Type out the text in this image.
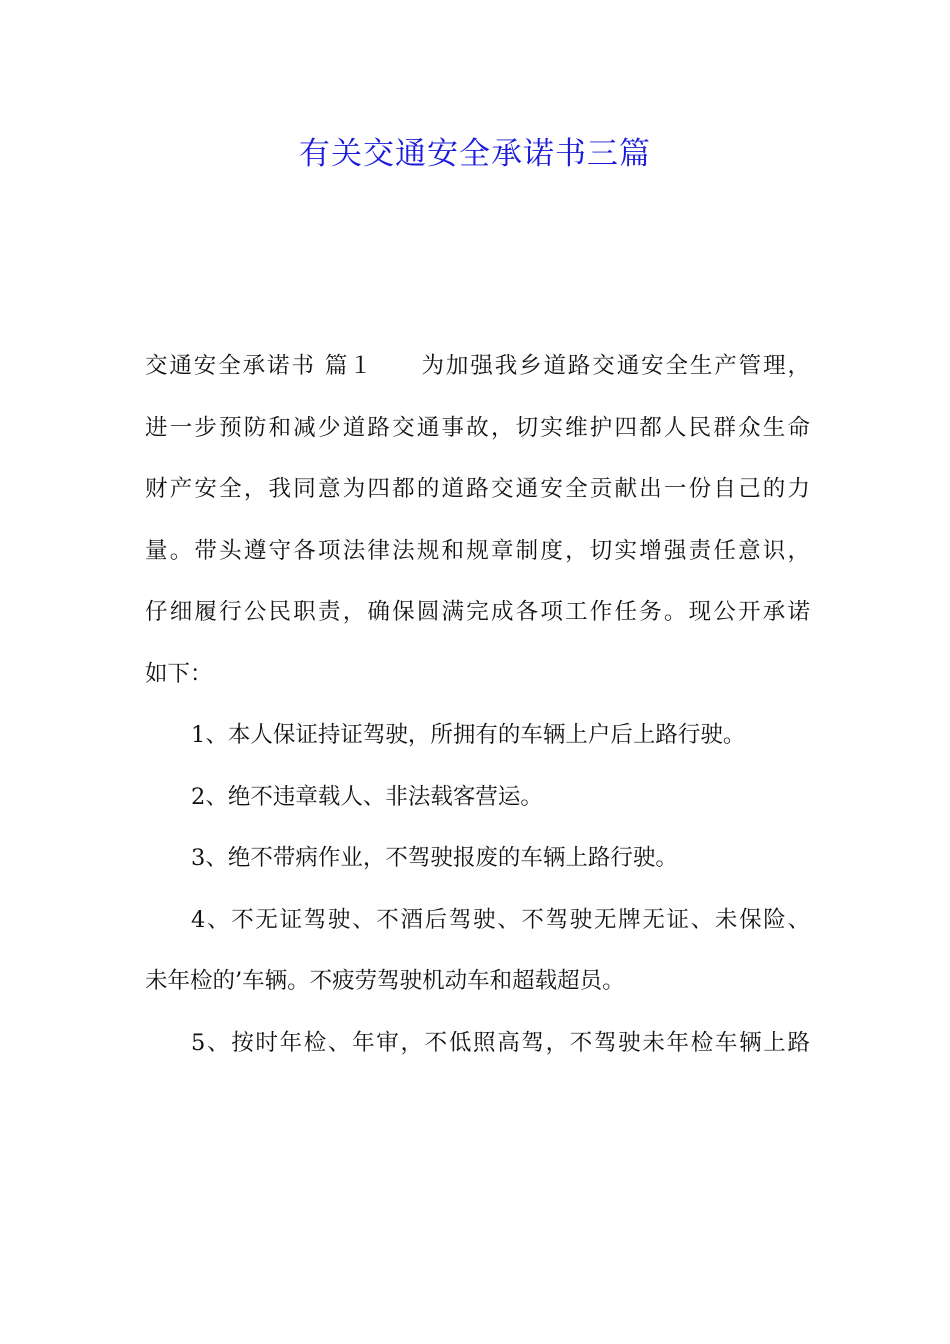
有关交通安全承诺书三篇
交通安全承诺书 篇１ 为加强我乡道路交通安全生产管理，
进一步预防和减少道路交通事故，切实维护四都人民群众生命
财产安全，我同意为四都的道路交通安全贡献出一份自己的力
量。带头遵守各项法律法规和规章制度，切实增强责任意识，
仔细履行公民职责，确保圆满完成各项工作任务。现公开承诺
如下：
1、本人保证持证驾驶，所拥有的车辆上户后上路行驶。
2、绝不违章载人、非法载客营运。
3、绝不带病作业，不驾驶报废的车辆上路行驶。
4、不无证驾驶、不酒后驾驶、不驾驶无牌无证、未保险、
未年检的’车辆。不疲劳驾驶机动车和超载超员。
5、按时年检、年审，不低照高驾，不驾驶未年检车辆上路
